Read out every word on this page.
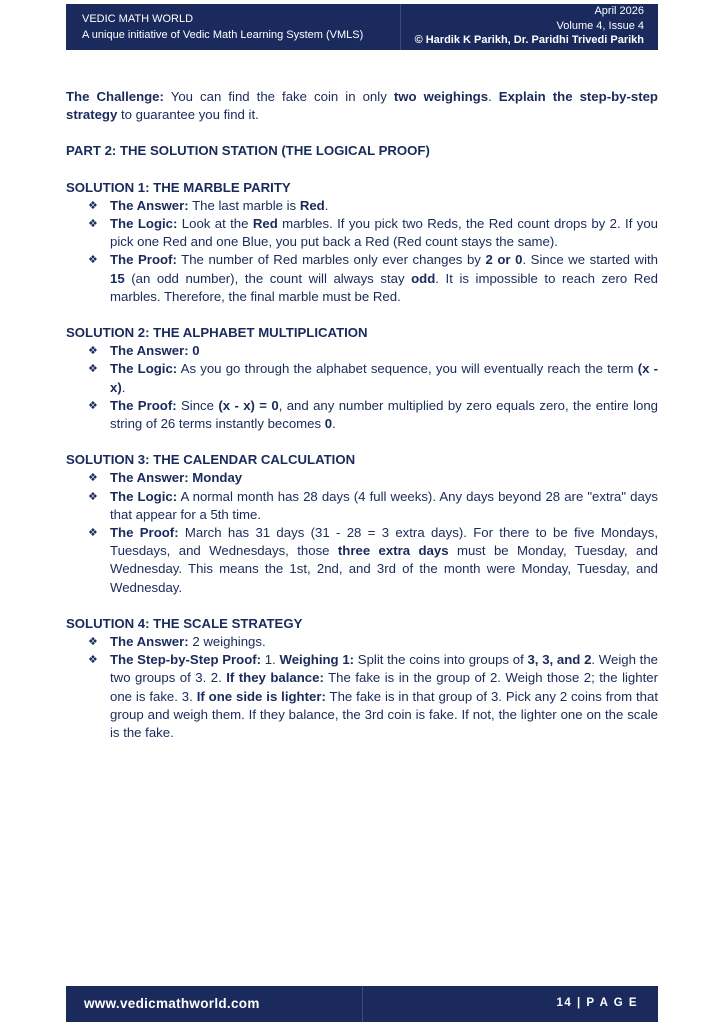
VEDIC MATH WORLD
A unique initiative of Vedic Math Learning System (VMLS)
April 2026
Volume 4, Issue 4
© Hardik K Parikh, Dr. Paridhi Trivedi Parikh

The Challenge: You can find the fake coin in only two weighings. Explain the step-by-step strategy to guarantee you find it.

PART 2: THE SOLUTION STATION (THE LOGICAL PROOF)

SOLUTION 1: THE MARBLE PARITY

❖ The Answer: The last marble is Red.
❖ The Logic: Look at the Red marbles. If you pick two Reds, the Red count drops by 2. If you pick one Red and one Blue, you put back a Red (Red count stays the same).
❖ The Proof: The number of Red marbles only ever changes by 2 or 0. Since we started with 15 (an odd number), the count will always stay odd. It is impossible to reach zero Red marbles. Therefore, the final marble must be Red.

SOLUTION 2: THE ALPHABET MULTIPLICATION

❖ The Answer: 0
❖ The Logic: As you go through the alphabet sequence, you will eventually reach the term (x - x).
❖ The Proof: Since (x - x) = 0, and any number multiplied by zero equals zero, the entire long string of 26 terms instantly becomes 0.

SOLUTION 3: THE CALENDAR CALCULATION

❖ The Answer: Monday
❖ The Logic: A normal month has 28 days (4 full weeks). Any days beyond 28 are "extra" days that appear for a 5th time.
❖ The Proof: March has 31 days (31 - 28 = 3 extra days). For there to be five Mondays, Tuesdays, and Wednesdays, those three extra days must be Monday, Tuesday, and Wednesday. This means the 1st, 2nd, and 3rd of the month were Monday, Tuesday, and Wednesday.

SOLUTION 4: THE SCALE STRATEGY

❖ The Answer: 2 weighings.
❖ The Step-by-Step Proof: 1. Weighing 1: Split the coins into groups of 3, 3, and 2. Weigh the two groups of 3. 2. If they balance: The fake is in the group of 2. Weigh those 2; the lighter one is fake. 3. If one side is lighter: The fake is in that group of 3. Pick any 2 coins from that group and weigh them. If they balance, the 3rd coin is fake. If not, the lighter one on the scale is the fake.
www.vedicmathworld.com	14 | P A G E
